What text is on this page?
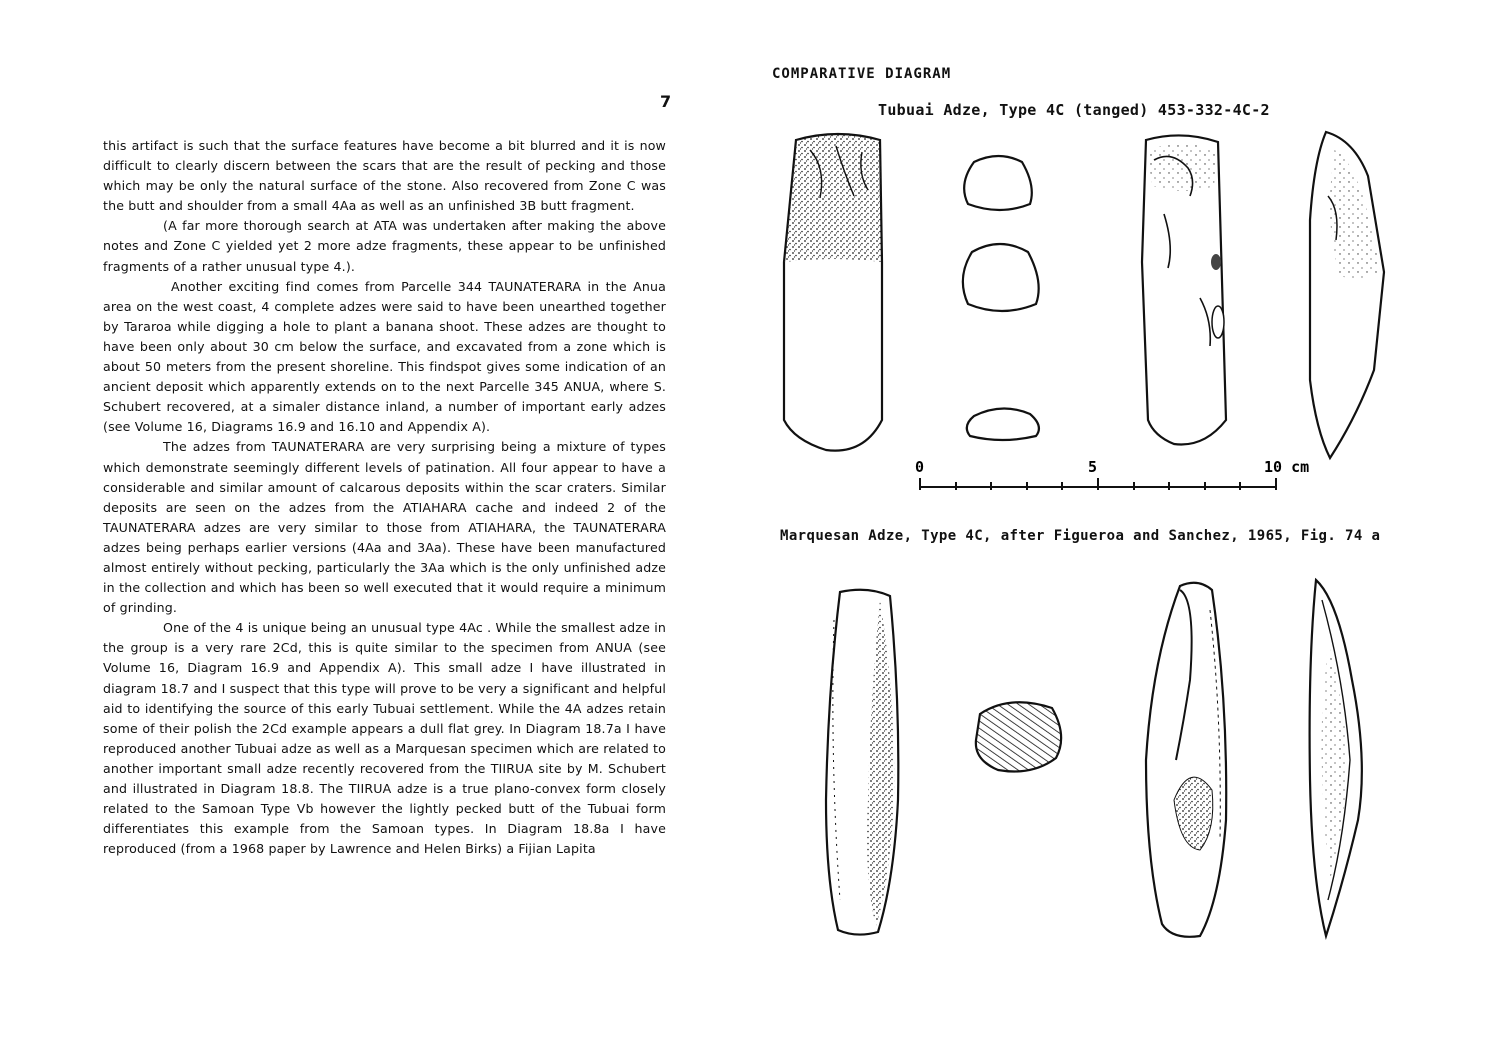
7

this artifact is such that the surface features have become a bit blurred and it is now difficult to clearly discern between the scars that are the result of pecking and those which may be only the natural surface of the stone. Also recovered from Zone C was the butt and shoulder from a small 4Aa as well as an unfinished 3B butt fragment.

(A far more thorough search at ATA was undertaken after making the above notes and Zone C yielded yet 2 more adze fragments, these appear to be unfinished fragments of a rather unusual type 4.).

Another exciting find comes from Parcelle 344 TAUNATERARA in the Anua area on the west coast, 4 complete adzes were said to have been unearthed together by Tararoa while digging a hole to plant a banana shoot. These adzes are thought to have been only about 30 cm below the surface, and excavated from a zone which is about 50 meters from the present shoreline. This findspot gives some indication of an ancient deposit which apparently extends on to the next Parcelle 345 ANUA, where S. Schubert recovered, at a simaler distance inland, a number of important early adzes (see Volume 16, Diagrams 16.9 and 16.10 and Appendix A).

The adzes from TAUNATERARA are very surprising being a mixture of types which demonstrate seemingly different levels of patination. All four appear to have a considerable and similar amount of calcarous deposits within the scar craters. Similar deposits are seen on the adzes from the ATIAHARA cache and indeed 2 of the TAUNATERARA adzes are very similar to those from ATIAHARA, the TAUNATERARA adzes being perhaps earlier versions (4Aa and 3Aa). These have been manufactured almost entirely without pecking, particularly the 3Aa which is the only unfinished adze in the collection and which has been so well executed that it would require a minimum of grinding.

One of the 4 is unique being an unusual type 4Ac . While the smallest adze in the group is a very rare 2Cd, this is quite similar to the specimen from ANUA (see Volume 16, Diagram 16.9 and Appendix A). This small adze I have illustrated in diagram 18.7 and I suspect that this type will prove to be very a significant and helpful aid to identifying the source of this early Tubuai settlement. While the 4A adzes retain some of their polish the 2Cd example appears a dull flat grey. In Diagram 18.7a I have reproduced another Tubuai adze as well as a Marquesan specimen which are related to another important small adze recently recovered from the TIIRUA site by M. Schubert and illustrated in Diagram 18.8. The TIIRUA adze is a true plano-convex form closely related to the Samoan Type Vb however the lightly pecked butt of the Tubuai form differentiates this example from the Samoan types. In Diagram 18.8a I have reproduced (from a 1968 paper by Lawrence and Helen Birks) a Fijian Lapita

COMPARATIVE DIAGRAM
Tubuai Adze, Type 4C (tanged) 453-332-4C-2
0	5	10 cm
Marquesan Adze, Type 4C, after Figueroa and Sanchez, 1965, Fig. 74 a
